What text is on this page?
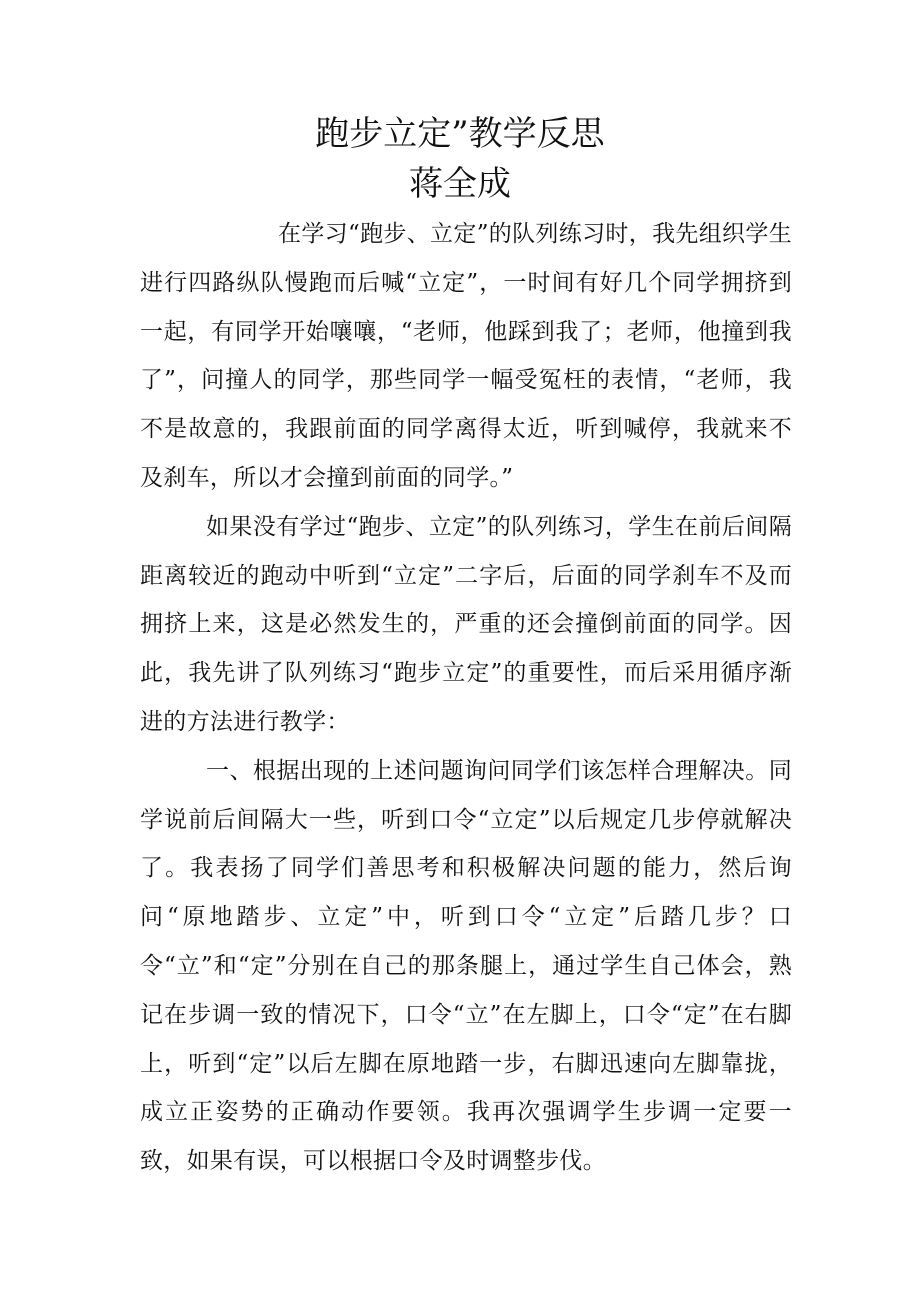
跑步立定”教学反思
蒋全成

在学习“跑步、立定”的队列练习时，我先组织学生进行四路纵队慢跑而后喊“立定”，一时间有好几个同学拥挤到一起，有同学开始嚷嚷，“老师，他踩到我了；老师，他撞到我了”，问撞人的同学，那些同学一幅受冤枉的表情，“老师，我不是故意的，我跟前面的同学离得太近，听到喊停，我就来不及刹车，所以才会撞到前面的同学。”

如果没有学过“跑步、立定”的队列练习，学生在前后间隔距离较近的跑动中听到“立定”二字后，后面的同学刹车不及而拥挤上来，这是必然发生的，严重的还会撞倒前面的同学。因此，我先讲了队列练习“跑步立定”的重要性，而后采用循序渐进的方法进行教学：

一、根据出现的上述问题询问同学们该怎样合理解决。同学说前后间隔大一些，听到口令“立定”以后规定几步停就解决了。我表扬了同学们善思考和积极解决问题的能力，然后询问“原地踏步、立定”中，听到口令“立定”后踏几步？口令“立”和“定”分别在自己的那条腿上，通过学生自己体会，熟记在步调一致的情况下，口令“立”在左脚上，口令“定”在右脚上，听到“定”以后左脚在原地踏一步，右脚迅速向左脚靠拢，成立正姿势的正确动作要领。我再次强调学生步调一定要一致，如果有误，可以根据口令及时调整步伐。
